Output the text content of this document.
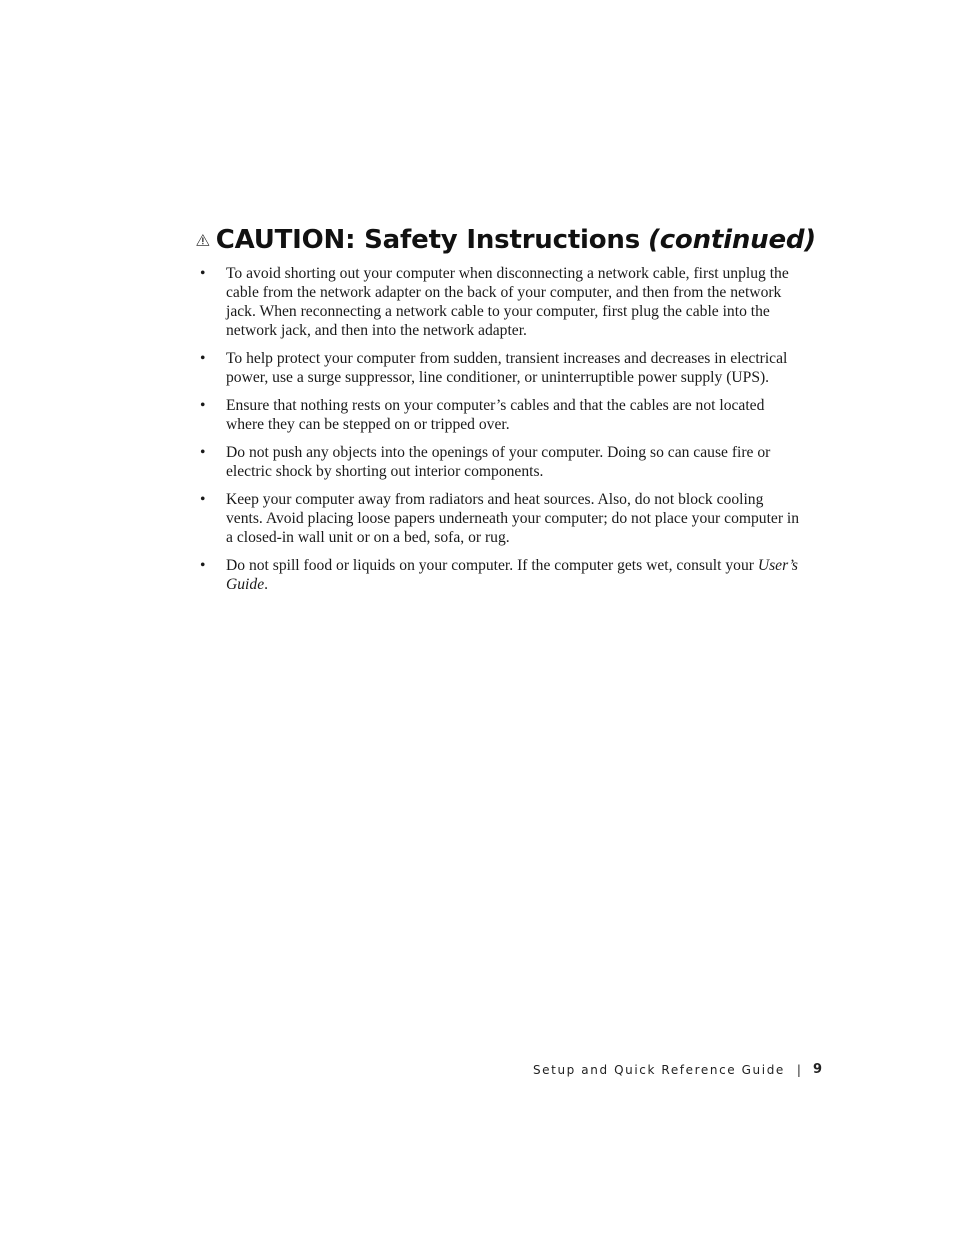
CAUTION: Safety Instructions (continued)
• To avoid shorting out your computer when disconnecting a network cable, first unplug the cable from the network adapter on the back of your computer, and then from the network jack. When reconnecting a network cable to your computer, first plug the cable into the network jack, and then into the network adapter.
• To help protect your computer from sudden, transient increases and decreases in electrical power, use a surge suppressor, line conditioner, or uninterruptible power supply (UPS).
• Ensure that nothing rests on your computer’s cables and that the cables are not located where they can be stepped on or tripped over.
• Do not push any objects into the openings of your computer. Doing so can cause fire or electric shock by shorting out interior components.
• Keep your computer away from radiators and heat sources. Also, do not block cooling vents. Avoid placing loose papers underneath your computer; do not place your computer in a closed-in wall unit or on a bed, sofa, or rug.
• Do not spill food or liquids on your computer. If the computer gets wet, consult your User’s Guide.
Setup and Quick Reference Guide | 9
